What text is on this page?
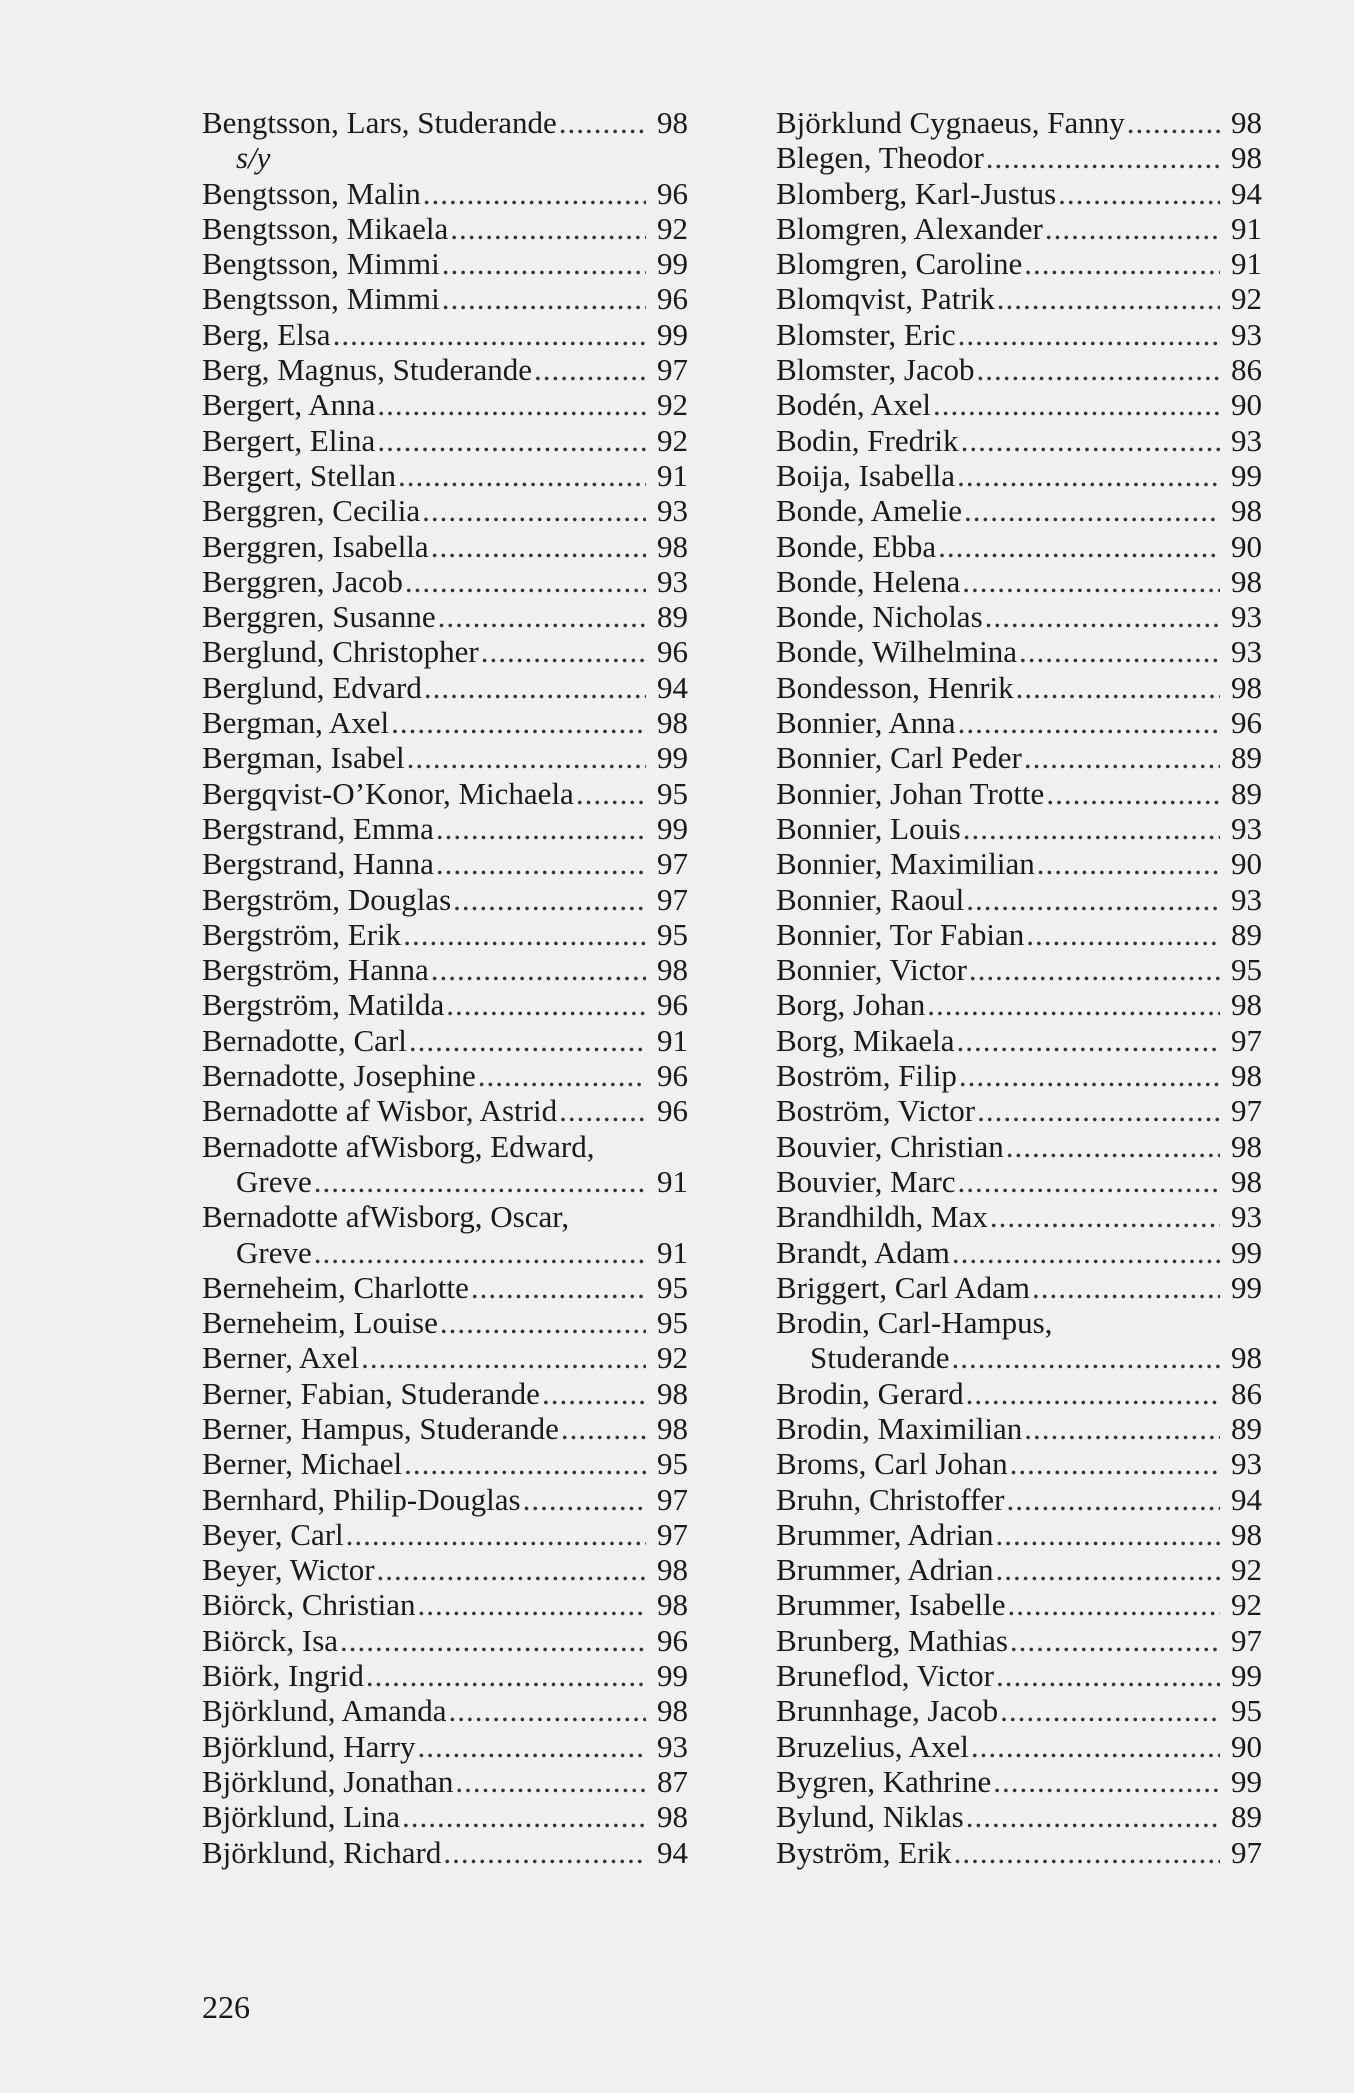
Bengtsson, Lars, Studerande .....	98
s/y
Bengtsson, Malin .....	96
Bengtsson, Mikaela .....	92
Bengtsson, Mimmi .....	99
Bengtsson, Mimmi .....	96
Berg, Elsa .....	99
Berg, Magnus, Studerande .....	97
Bergert, Anna .....	92
Bergert, Elina .....	92
Bergert, Stellan .....	91
Berggren, Cecilia .....	93
Berggren, Isabella .....	98
Berggren, Jacob .....	93
Berggren, Susanne .....	89
Berglund, Christopher .....	96
Berglund, Edvard .....	94
Bergman, Axel .....	98
Bergman, Isabel .....	99
Bergqvist-O’Konor, Michaela .....	95
Bergstrand, Emma .....	99
Bergstrand, Hanna .....	97
Bergström, Douglas .....	97
Bergström, Erik .....	95
Bergström, Hanna .....	98
Bergström, Matilda .....	96
Bernadotte, Carl .....	91
Bernadotte, Josephine .....	96
Bernadotte af Wisbor, Astrid .....	96
Bernadotte afWisborg, Edward,
Greve .....	91
Bernadotte afWisborg, Oscar,
Greve .....	91
Berneheim, Charlotte .....	95
Berneheim, Louise .....	95
Berner, Axel .....	92
Berner, Fabian, Studerande .....	98
Berner, Hampus, Studerande .....	98
Berner, Michael .....	95
Bernhard, Philip-Douglas .....	97
Beyer, Carl .....	97
Beyer, Wictor .....	98
Biörck, Christian .....	98
Biörck, Isa .....	96
Biörk, Ingrid .....	99
Björklund, Amanda .....	98
Björklund, Harry .....	93
Björklund, Jonathan .....	87
Björklund, Lina .....	98
Björklund, Richard .....	94
Björklund Cygnaeus, Fanny .....	98
Blegen, Theodor .....	98
Blomberg, Karl-Justus .....	94
Blomgren, Alexander .....	91
Blomgren, Caroline .....	91
Blomqvist, Patrik .....	92
Blomster, Eric .....	93
Blomster, Jacob .....	86
Bodén, Axel .....	90
Bodin, Fredrik .....	93
Boija, Isabella .....	99
Bonde, Amelie .....	98
Bonde, Ebba .....	90
Bonde, Helena .....	98
Bonde, Nicholas .....	93
Bonde, Wilhelmina .....	93
Bondesson, Henrik .....	98
Bonnier, Anna .....	96
Bonnier, Carl Peder .....	89
Bonnier, Johan Trotte .....	89
Bonnier, Louis .....	93
Bonnier, Maximilian .....	90
Bonnier, Raoul .....	93
Bonnier, Tor Fabian .....	89
Bonnier, Victor .....	95
Borg, Johan .....	98
Borg, Mikaela .....	97
Boström, Filip .....	98
Boström, Victor .....	97
Bouvier, Christian .....	98
Bouvier, Marc .....	98
Brandhildh, Max .....	93
Brandt, Adam .....	99
Briggert, Carl Adam .....	99
Brodin, Carl-Hampus,
Studerande .....	98
Brodin, Gerard .....	86
Brodin, Maximilian .....	89
Broms, Carl Johan .....	93
Bruhn, Christoffer .....	94
Brummer, Adrian .....	98
Brummer, Adrian .....	92
Brummer, Isabelle .....	92
Brunberg, Mathias .....	97
Bruneflod, Victor .....	99
Brunnhage, Jacob .....	95
Bruzelius, Axel .....	90
Bygren, Kathrine .....	99
Bylund, Niklas .....	89
Byström, Erik .....	97
226
